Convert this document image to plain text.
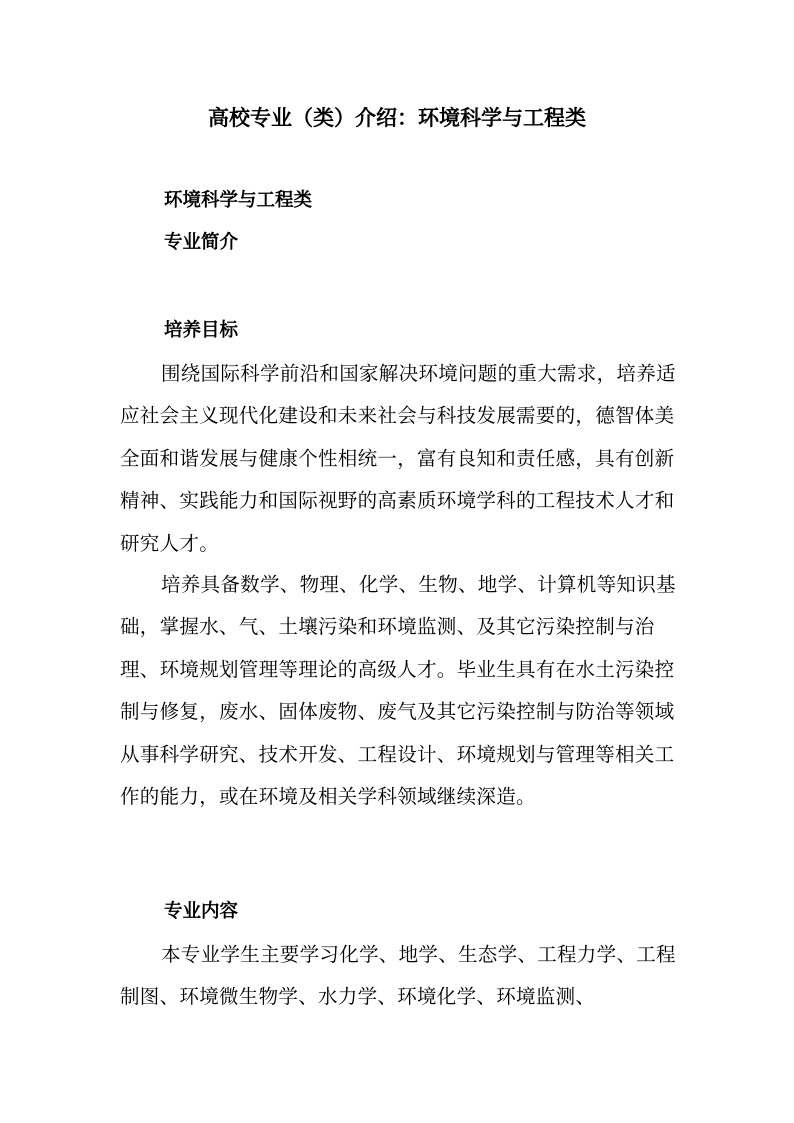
高校专业（类）介绍：环境科学与工程类
环境科学与工程类
专业简介
培养目标

围绕国际科学前沿和国家解决环境问题的重大需求，培养适应社会主义现代化建设和未来社会与科技发展需要的，德智体美全面和谐发展与健康个性相统一，富有良知和责任感，具有创新精神、实践能力和国际视野的高素质环境学科的工程技术人才和研究人才。

培养具备数学、物理、化学、生物、地学、计算机等知识基础，掌握水、气、土壤污染和环境监测、及其它污染控制与治理、环境规划管理等理论的高级人才。毕业生具有在水土污染控制与修复，废水、固体废物、废气及其它污染控制与防治等领域从事科学研究、技术开发、工程设计、环境规划与管理等相关工作的能力，或在环境及相关学科领域继续深造。

专业内容

本专业学生主要学习化学、地学、生态学、工程力学、工程制图、环境微生物学、水力学、环境化学、环境监测、
